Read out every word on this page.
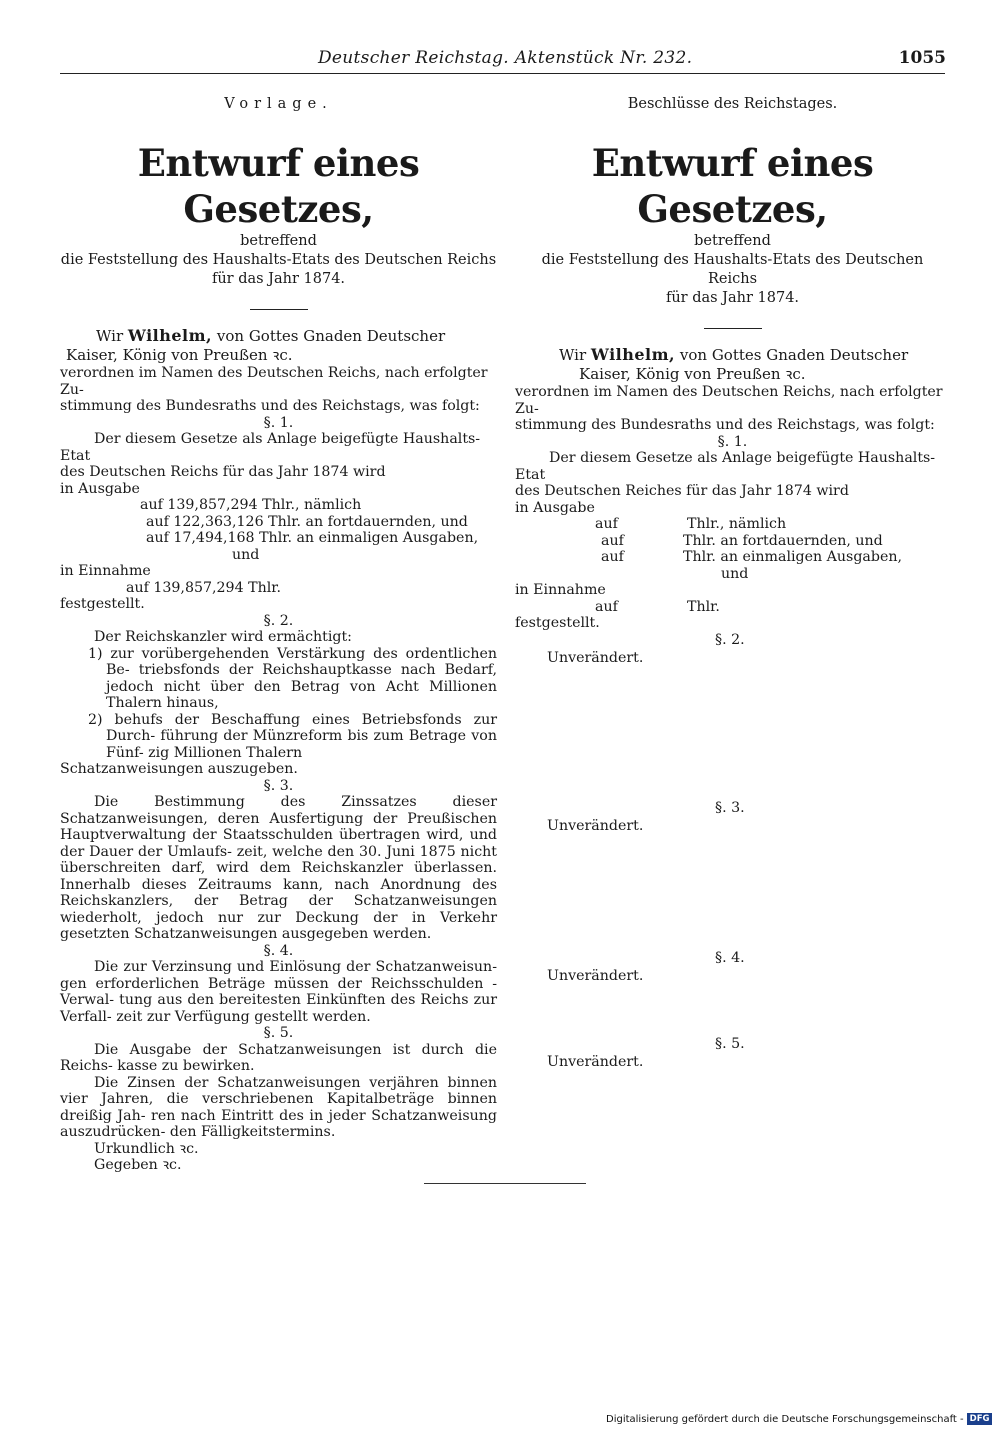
Deutscher Reichstag. Aktenstück Nr. 232.	1055
Vorlage.
Entwurf eines Gesetzes,
betreffend
die Feststellung des Haushalts-Etats des Deutschen Reichs
für das Jahr 1874.
Wir Wilhelm, von Gottes Gnaden Deutscher
Kaiser, König von Preußen ꝛc.
verordnen im Namen des Deutschen Reichs, nach erfolgter Zu-
stimmung des Bundesraths und des Reichstags, was folgt:
§. 1.
Der diesem Gesetze als Anlage beigefügte Haushalts-Etat
des Deutschen Reichs für das Jahr 1874 wird
in Ausgabe
auf 139,857,294 Thlr., nämlich
auf 122,363,126 Thlr. an fortdauernden, und
auf 17,494,168 Thlr. an einmaligen Ausgaben,
und
in Einnahme
auf 139,857,294 Thlr.
festgestellt.
§. 2.
Der Reichskanzler wird ermächtigt:
1) zur vorübergehenden Verstärkung des ordentlichen Be- triebsfonds der Reichshauptkasse nach Bedarf, jedoch nicht über den Betrag von Acht Millionen Thalern hinaus,
2) behufs der Beschaffung eines Betriebsfonds zur Durch- führung der Münzreform bis zum Betrage von Fünf- zig Millionen Thalern
Schatzanweisungen auszugeben.
§. 3.
Die Bestimmung des Zinssatzes dieser Schatzanweisungen, deren Ausfertigung der Preußischen Hauptverwaltung der Staatsschulden übertragen wird, und der Dauer der Umlaufs- zeit, welche den 30. Juni 1875 nicht überschreiten darf, wird dem Reichskanzler überlassen. Innerhalb dieses Zeitraums kann, nach Anordnung des Reichskanzlers, der Betrag der Schatzanweisungen wiederholt, jedoch nur zur Deckung der in Verkehr gesetzten Schatzanweisungen ausgegeben werden.
§. 4.
Die zur Verzinsung und Einlösung der Schatzanweisun- gen erforderlichen Beträge müssen der Reichsschulden - Verwal- tung aus den bereitesten Einkünften des Reichs zur Verfall- zeit zur Verfügung gestellt werden.
§. 5.
Die Ausgabe der Schatzanweisungen ist durch die Reichs- kasse zu bewirken.
Die Zinsen der Schatzanweisungen verjähren binnen vier Jahren, die verschriebenen Kapitalbeträge binnen dreißig Jah- ren nach Eintritt des in jeder Schatzanweisung auszudrücken- den Fälligkeitstermins.
Urkundlich ꝛc.
Gegeben ꝛc.
Beschlüsse des Reichstages.
Entwurf eines Gesetzes,
betreffend
die Feststellung des Haushalts-Etats des Deutschen Reichs
für das Jahr 1874.
Wir Wilhelm, von Gottes Gnaden Deutscher
Kaiser, König von Preußen ꝛc.
verordnen im Namen des Deutschen Reichs, nach erfolgter Zu-
stimmung des Bundesraths und des Reichstags, was folgt:
§. 1.
Der diesem Gesetze als Anlage beigefügte Haushalts-Etat
des Deutschen Reiches für das Jahr 1874 wird
in Ausgabe
auf	Thlr., nämlich
auf	Thlr. an fortdauernden, und
auf	Thlr. an einmaligen Ausgaben,
und
in Einnahme
auf	Thlr.
festgestellt.
§. 2.
Unverändert.
§. 3.
Unverändert.
§. 4.
Unverändert.
§. 5.
Unverändert.
Digitalisierung gefördert durch die Deutsche Forschungsgemeinschaft - DFG
